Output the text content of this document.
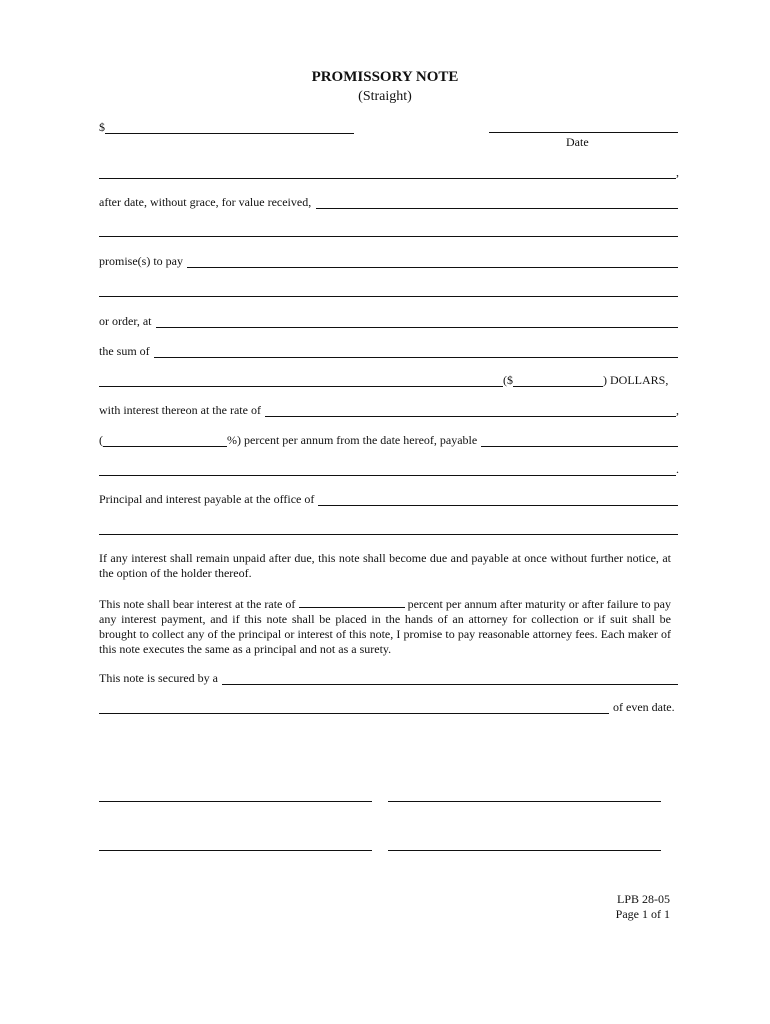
PROMISSORY NOTE
(Straight)
$
Date
,
after date, without grace, for value received,
promise(s) to pay
or order, at
the sum of
($	) DOLLARS,
with interest thereon at the rate of	,
(	%) percent per annum from the date hereof, payable
.
Principal and interest payable at the office of
If any interest shall remain unpaid after due, this note shall become due and payable at once without further notice, at the option of the holder thereof.
This note shall bear interest at the rate of	percent per annum after maturity or after failure to pay any interest payment, and if this note shall be placed in the hands of an attorney for collection or if suit shall be brought to collect any of the principal or interest of this note, I promise to pay reasonable attorney fees. Each maker of this note executes the same as a principal and not as a surety.
This note is secured by a
of even date.
LPB 28-05
Page 1 of 1
